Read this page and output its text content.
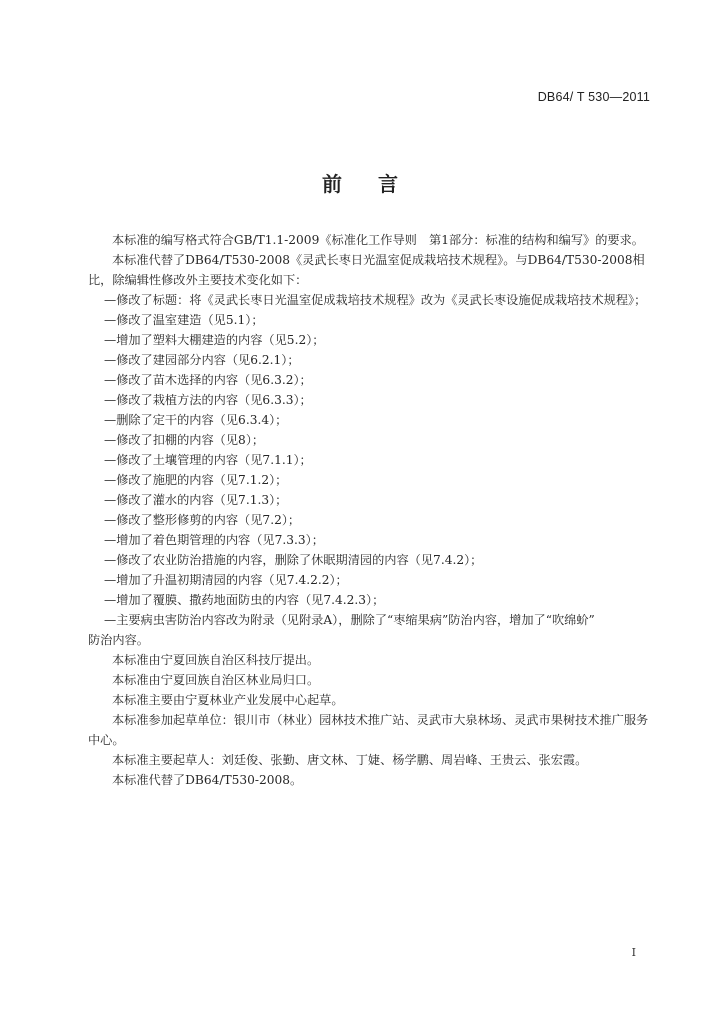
DB64/ T 530—2011
前言

本标准的编写格式符合GB/T1.1-2009《标准化工作导则　第1部分：标准的结构和编写》的要求。

本标准代替了DB64/T530-2008《灵武长枣日光温室促成栽培技术规程》。与DB64/T530-2008相比，除编辑性修改外主要技术变化如下：

—修改了标题：将《灵武长枣日光温室促成栽培技术规程》改为《灵武长枣设施促成栽培技术规程》；

—修改了温室建造（见5.1）；

—增加了塑料大棚建造的内容（见5.2）；

—修改了建园部分内容（见6.2.1）；

—修改了苗木选择的内容（见6.3.2）；

—修改了栽植方法的内容（见6.3.3）；

—删除了定干的内容（见6.3.4）；

—修改了扣棚的内容（见8）；

—修改了土壤管理的内容（见7.1.1）；

—修改了施肥的内容（见7.1.2）；

—修改了灌水的内容（见7.1.3）；

—修改了整形修剪的内容（见7.2）；

—增加了着色期管理的内容（见7.3.3）；

—修改了农业防治措施的内容，删除了休眠期清园的内容（见7.4.2）；

—增加了升温初期清园的内容（见7.4.2.2）；

—增加了覆膜、撒药地面防虫的内容（见7.4.2.3）；

—主要病虫害防治内容改为附录（见附录A），删除了“枣缩果病”防治内容，增加了“吹绵蚧”

防治内容。

本标准由宁夏回族自治区科技厅提出。

本标准由宁夏回族自治区林业局归口。

本标准主要由宁夏林业产业发展中心起草。

本标准参加起草单位：银川市（林业）园林技术推广站、灵武市大泉林场、灵武市果树技术推广服务中心。

本标准主要起草人：刘廷俊、张勤、唐文林、丁婕、杨学鹏、周岩峰、王贵云、张宏霞。

本标准代替了DB64/T530-2008。

I
